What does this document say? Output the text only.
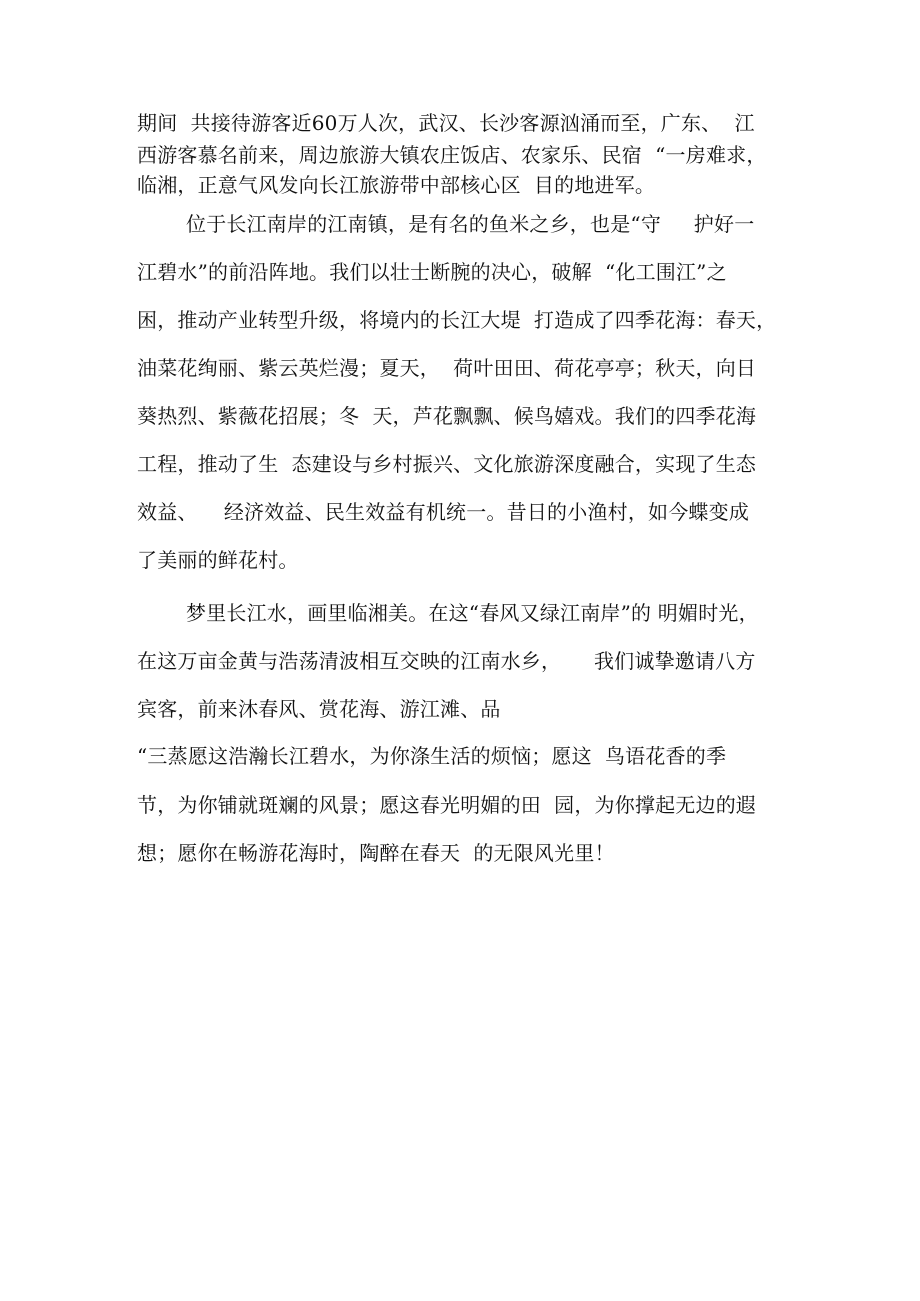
期间  共接待游客近60万人次，武汉、长沙客源汹涌而至，广东、  江
西游客慕名前来，周边旅游大镇农庄饭店、农家乐、民宿  “一房难求，
临湘，正意气风发向长江旅游带中部核心区  目的地进军。
位于长江南岸的江南镇，是有名的鱼米之乡，也是“守     护好一
江碧水”的前沿阵地。我们以壮士断腕的决心，破解  “化工围江”之
困，推动产业转型升级，将境内的长江大堤  打造成了四季花海：春天，
油菜花绚丽、紫云英烂漫；夏天，  荷叶田田、荷花亭亭；秋天，向日
葵热烈、紫薇花招展；冬  天，芦花飘飘、候鸟嬉戏。我们的四季花海
工程，推动了生  态建设与乡村振兴、文化旅游深度融合，实现了生态
效益、    经济效益、民生效益有机统一。昔日的小渔村，如今蝶变成
了美丽的鲜花村。
梦里长江水，画里临湘美。在这“春风又绿江南岸”的 明媚时光，
在这万亩金黄与浩荡清波相互交映的江南水乡，     我们诚挚邀请八方
宾客，前来沐春风、赏花海、游江滩、品
“三蒸愿这浩瀚长江碧水，为你涤生活的烦恼；愿这  鸟语花香的季
节，为你铺就斑斓的风景；愿这春光明媚的田  园，为你撑起无边的遐
想；愿你在畅游花海时，陶醉在春天  的无限风光里！
